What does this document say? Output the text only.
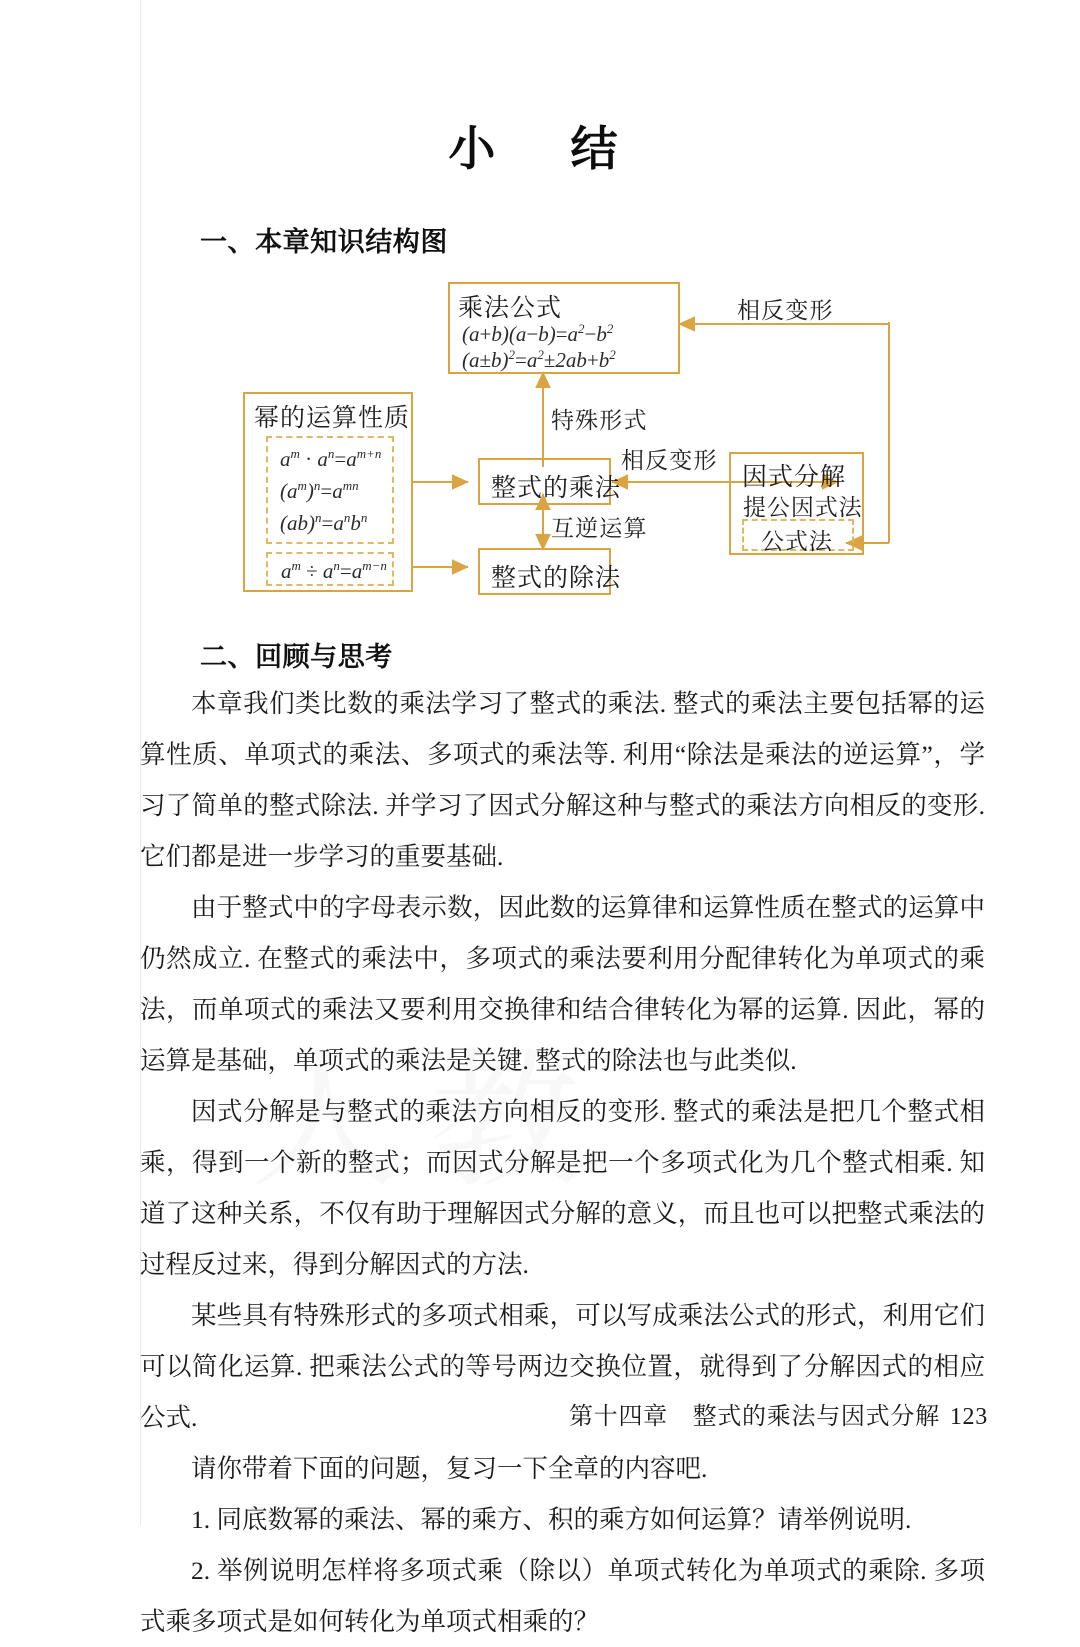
小　结
一、本章知识结构图
乘法公式
$(a+b)(a-b)=a^2-b^2$
$(a\pm b)^2=a^2\pm 2ab+b^2$
幂的运算性质
$a^m \cdot a^n=a^{m+n}$
$(a^m)^n=a^{mn}$
$(ab)^n=a^nb^n$
$a^m \div a^n=a^{m-n}$
整式的乘法
整式的除法
因式分解
提公因式法
公式法
相反变形
特殊形式
相反变形
互逆运算
二、回顾与思考

本章我们类比数的乘法学习了整式的乘法. 整式的乘法主要包括幂的运算性质、单项式的乘法、多项式的乘法等. 利用“除法是乘法的逆运算”，学习了简单的整式除法. 并学习了因式分解这种与整式的乘法方向相反的变形. 它们都是进一步学习的重要基础.

由于整式中的字母表示数，因此数的运算律和运算性质在整式的运算中仍然成立. 在整式的乘法中，多项式的乘法要利用分配律转化为单项式的乘法，而单项式的乘法又要利用交换律和结合律转化为幂的运算. 因此，幂的运算是基础，单项式的乘法是关键. 整式的除法也与此类似.

因式分解是与整式的乘法方向相反的变形. 整式的乘法是把几个整式相乘，得到一个新的整式；而因式分解是把一个多项式化为几个整式相乘. 知道了这种关系，不仅有助于理解因式分解的意义，而且也可以把整式乘法的过程反过来，得到分解因式的方法.

某些具有特殊形式的多项式相乘，可以写成乘法公式的形式，利用它们可以简化运算. 把乘法公式的等号两边交换位置，就得到了分解因式的相应公式.

请你带着下面的问题，复习一下全章的内容吧.

1. 同底数幂的乘法、幂的乘方、积的乘方如何运算？请举例说明.

2. 举例说明怎样将多项式乘（除以）单项式转化为单项式的乘除. 多项式乘多项式是如何转化为单项式相乘的？

第十四章　整式的乘法与因式分解 123
